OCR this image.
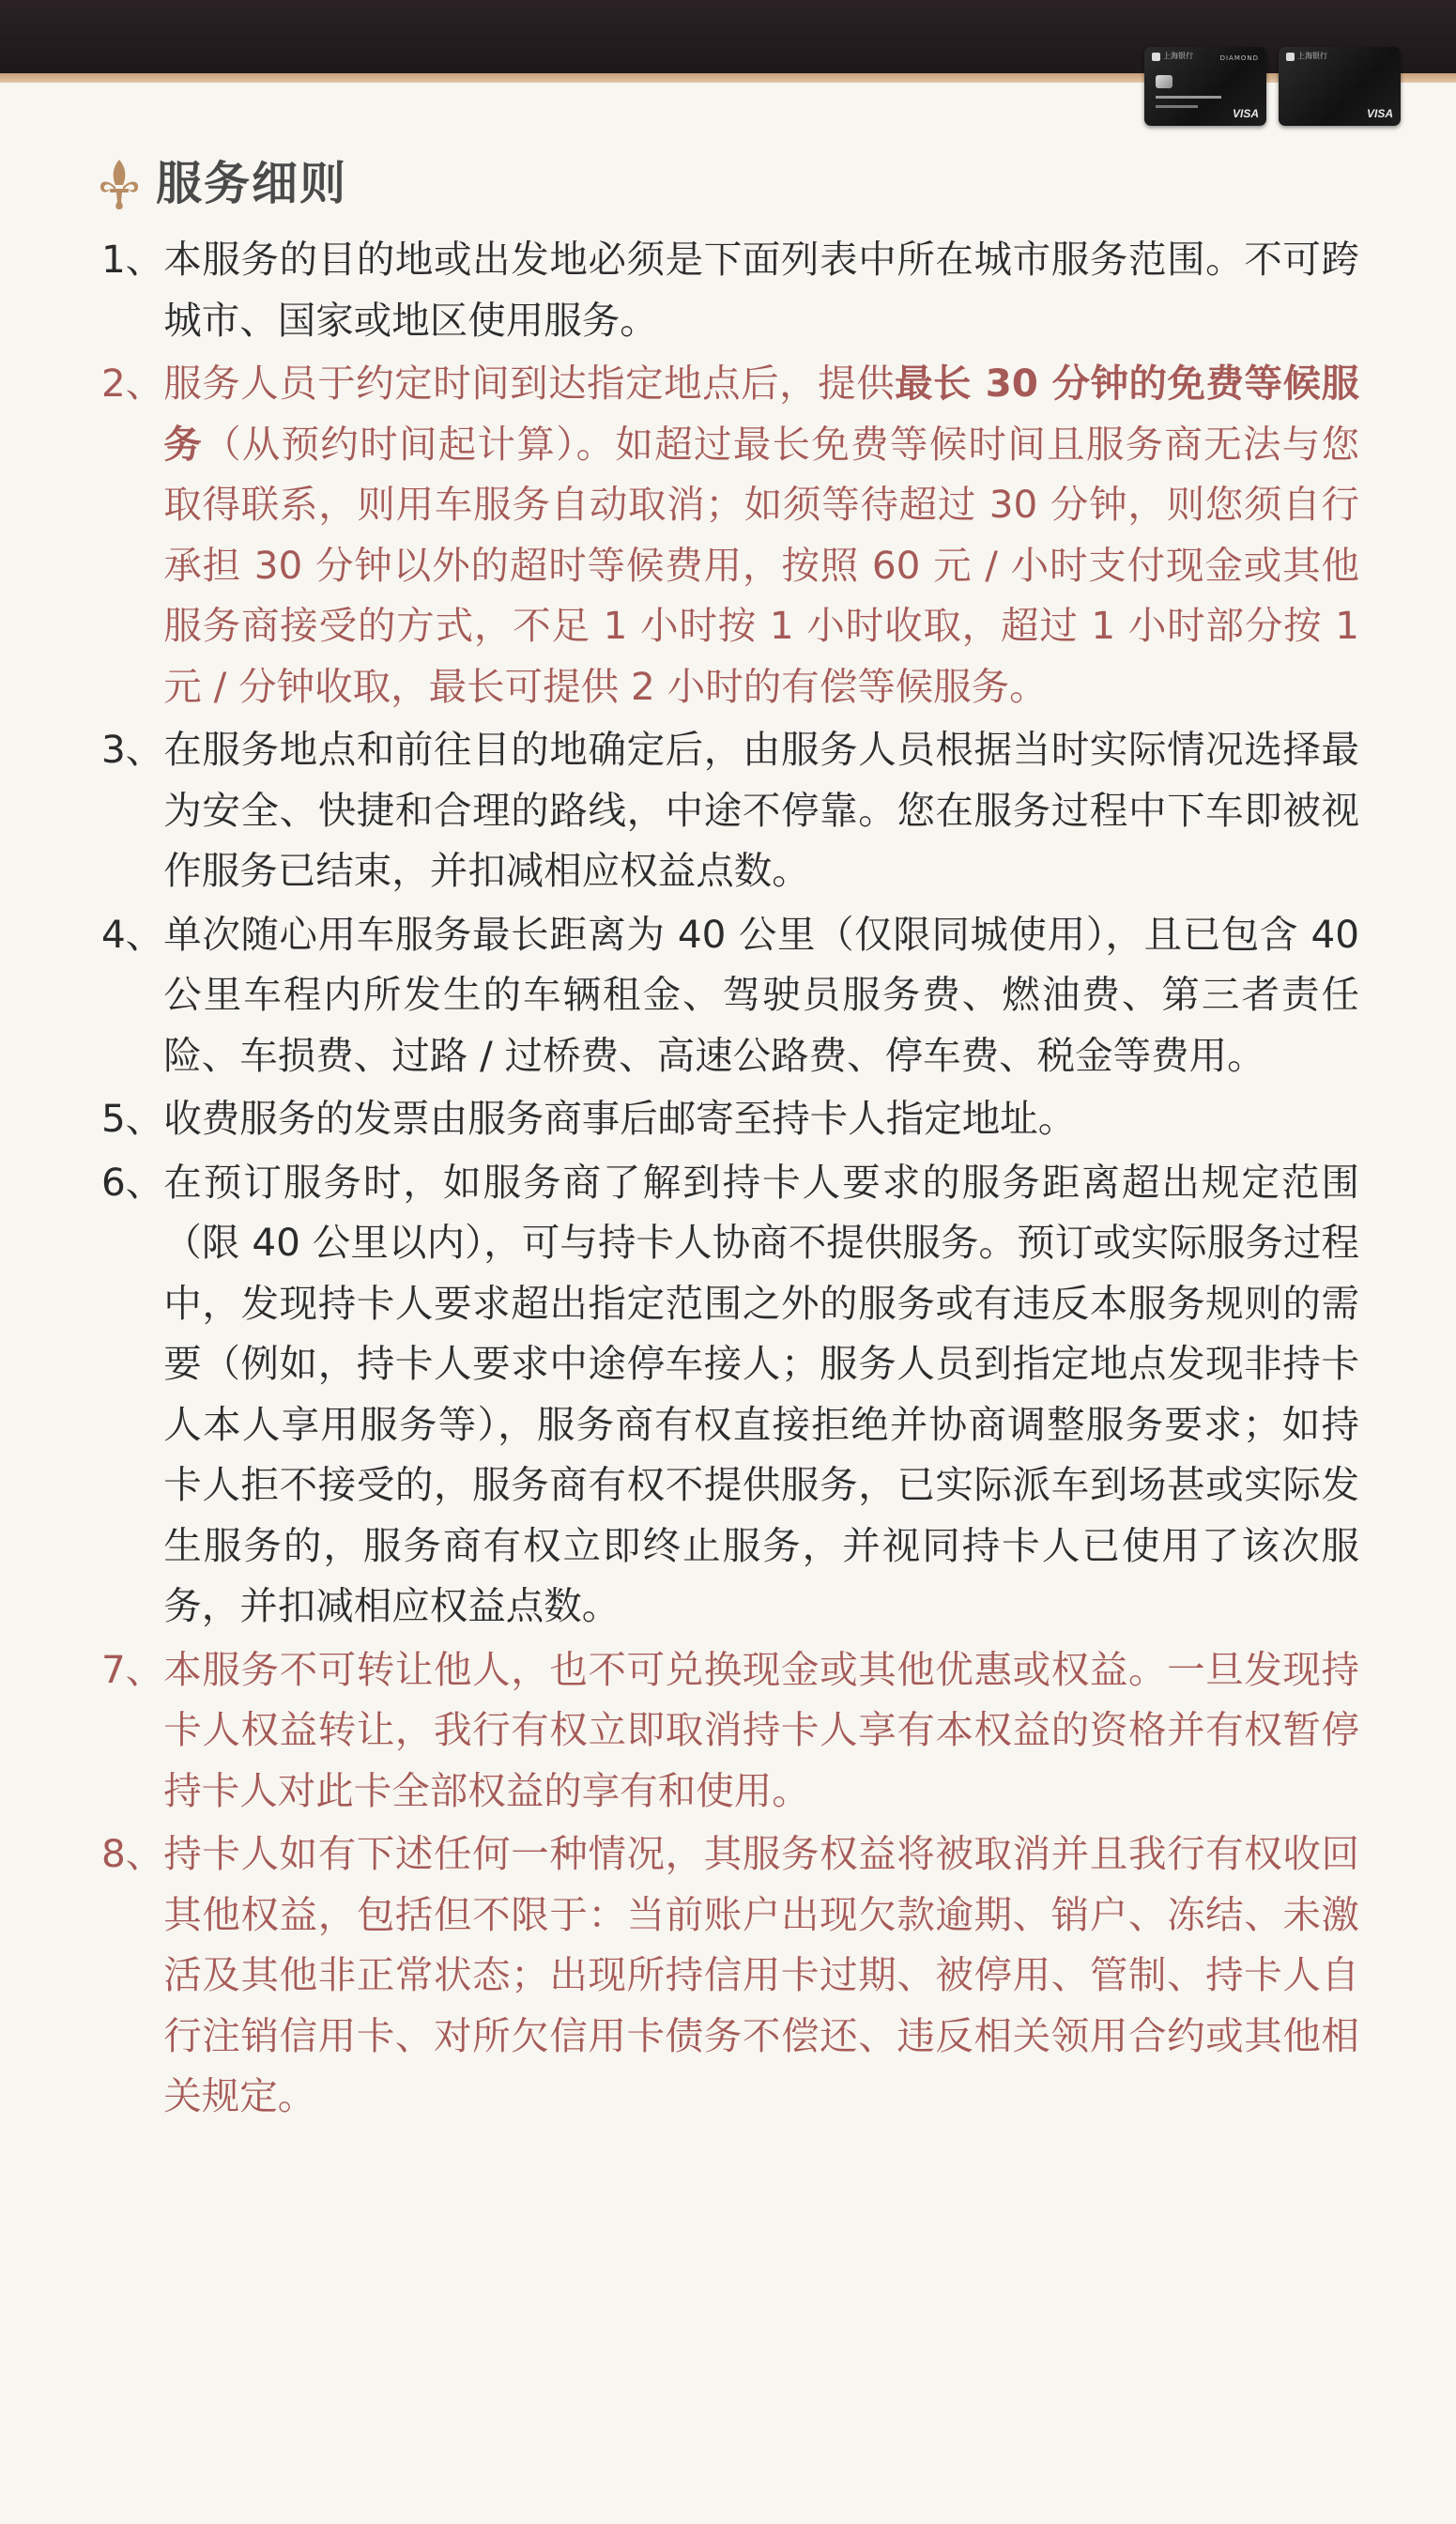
上海银行	DIAMOND
VISA
上海银行
VISA
服务细则
1、 本服务的目的地或出发地必须是下面列表中所在城市服务范围。不可跨城市、国家或地区使用服务。
2、 服务人员于约定时间到达指定地点后，提供最长 30 分钟的免费等候服务（从预约时间起计算）。如超过最长免费等候时间且服务商无法与您取得联系，则用车服务自动取消；如须等待超过 30 分钟，则您须自行承担 30 分钟以外的超时等候费用，按照 60 元 / 小时支付现金或其他服务商接受的方式，不足 1 小时按 1 小时收取，超过 1 小时部分按 1 元 / 分钟收取，最长可提供 2 小时的有偿等候服务。
3、 在服务地点和前往目的地确定后，由服务人员根据当时实际情况选择最为安全、快捷和合理的路线，中途不停靠。您在服务过程中下车即被视作服务已结束，并扣减相应权益点数。
4、 单次随心用车服务最长距离为 40 公里（仅限同城使用），且已包含 40 公里车程内所发生的车辆租金、驾驶员服务费、燃油费、第三者责任险、车损费、过路 / 过桥费、高速公路费、停车费、税金等费用。
5、 收费服务的发票由服务商事后邮寄至持卡人指定地址。
6、 在预订服务时，如服务商了解到持卡人要求的服务距离超出规定范围（限 40 公里以内），可与持卡人协商不提供服务。预订或实际服务过程中，发现持卡人要求超出指定范围之外的服务或有违反本服务规则的需要（例如，持卡人要求中途停车接人；服务人员到指定地点发现非持卡人本人享用服务等），服务商有权直接拒绝并协商调整服务要求；如持卡人拒不接受的，服务商有权不提供服务，已实际派车到场甚或实际发生服务的，服务商有权立即终止服务，并视同持卡人已使用了该次服务，并扣减相应权益点数。
7、 本服务不可转让他人，也不可兑换现金或其他优惠或权益。一旦发现持卡人权益转让，我行有权立即取消持卡人享有本权益的资格并有权暂停持卡人对此卡全部权益的享有和使用。
8、 持卡人如有下述任何一种情况，其服务权益将被取消并且我行有权收回其他权益，包括但不限于：当前账户出现欠款逾期、销户、冻结、未激活及其他非正常状态；出现所持信用卡过期、被停用、管制、持卡人自行注销信用卡、对所欠信用卡债务不偿还、违反相关领用合约或其他相关规定。
